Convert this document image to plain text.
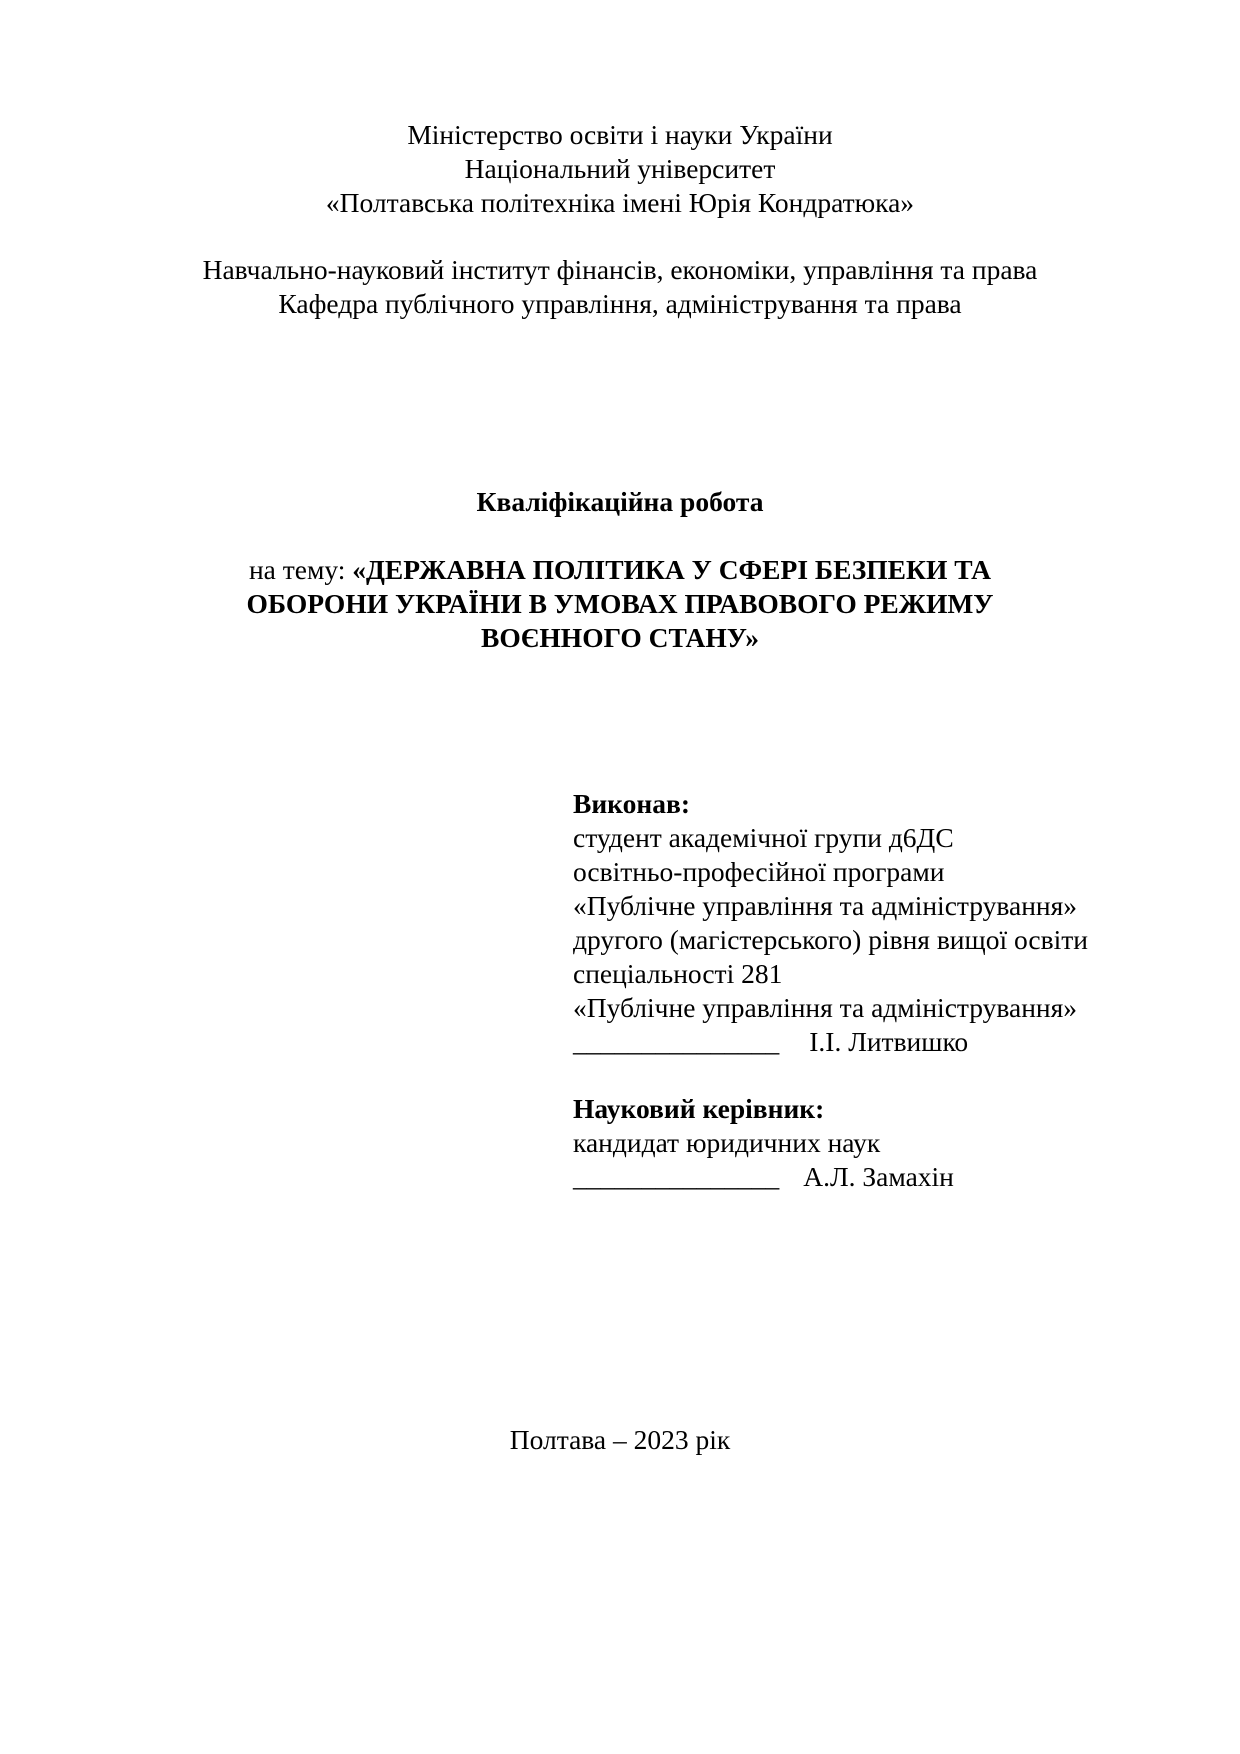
Міністерство освіти і науки України
Національний університет
«Полтавська політехніка імені Юрія Кондратюка»
Навчально-науковий інститут фінансів, економіки, управління та права
Кафедра публічного управління, адміністрування та права
Кваліфікаційна робота
на тему: «ДЕРЖАВНА ПОЛІТИКА У СФЕРІ БЕЗПЕКИ ТА
ОБОРОНИ УКРАЇНИ В УМОВАХ ПРАВОВОГО РЕЖИМУ
ВОЄННОГО СТАНУ»
Виконав:
студент академічної групи д6ДС
освітньо-професійної програми
«Публічне управління та адміністрування»
другого (магістерського) рівня вищої освіти
спеціальності 281
«Публічне управління та адміністрування»
_______________ І.І. Литвишко
Науковий керівник:
кандидат юридичних наук
_______________ А.Л. Замахін
Полтава – 2023 рік
